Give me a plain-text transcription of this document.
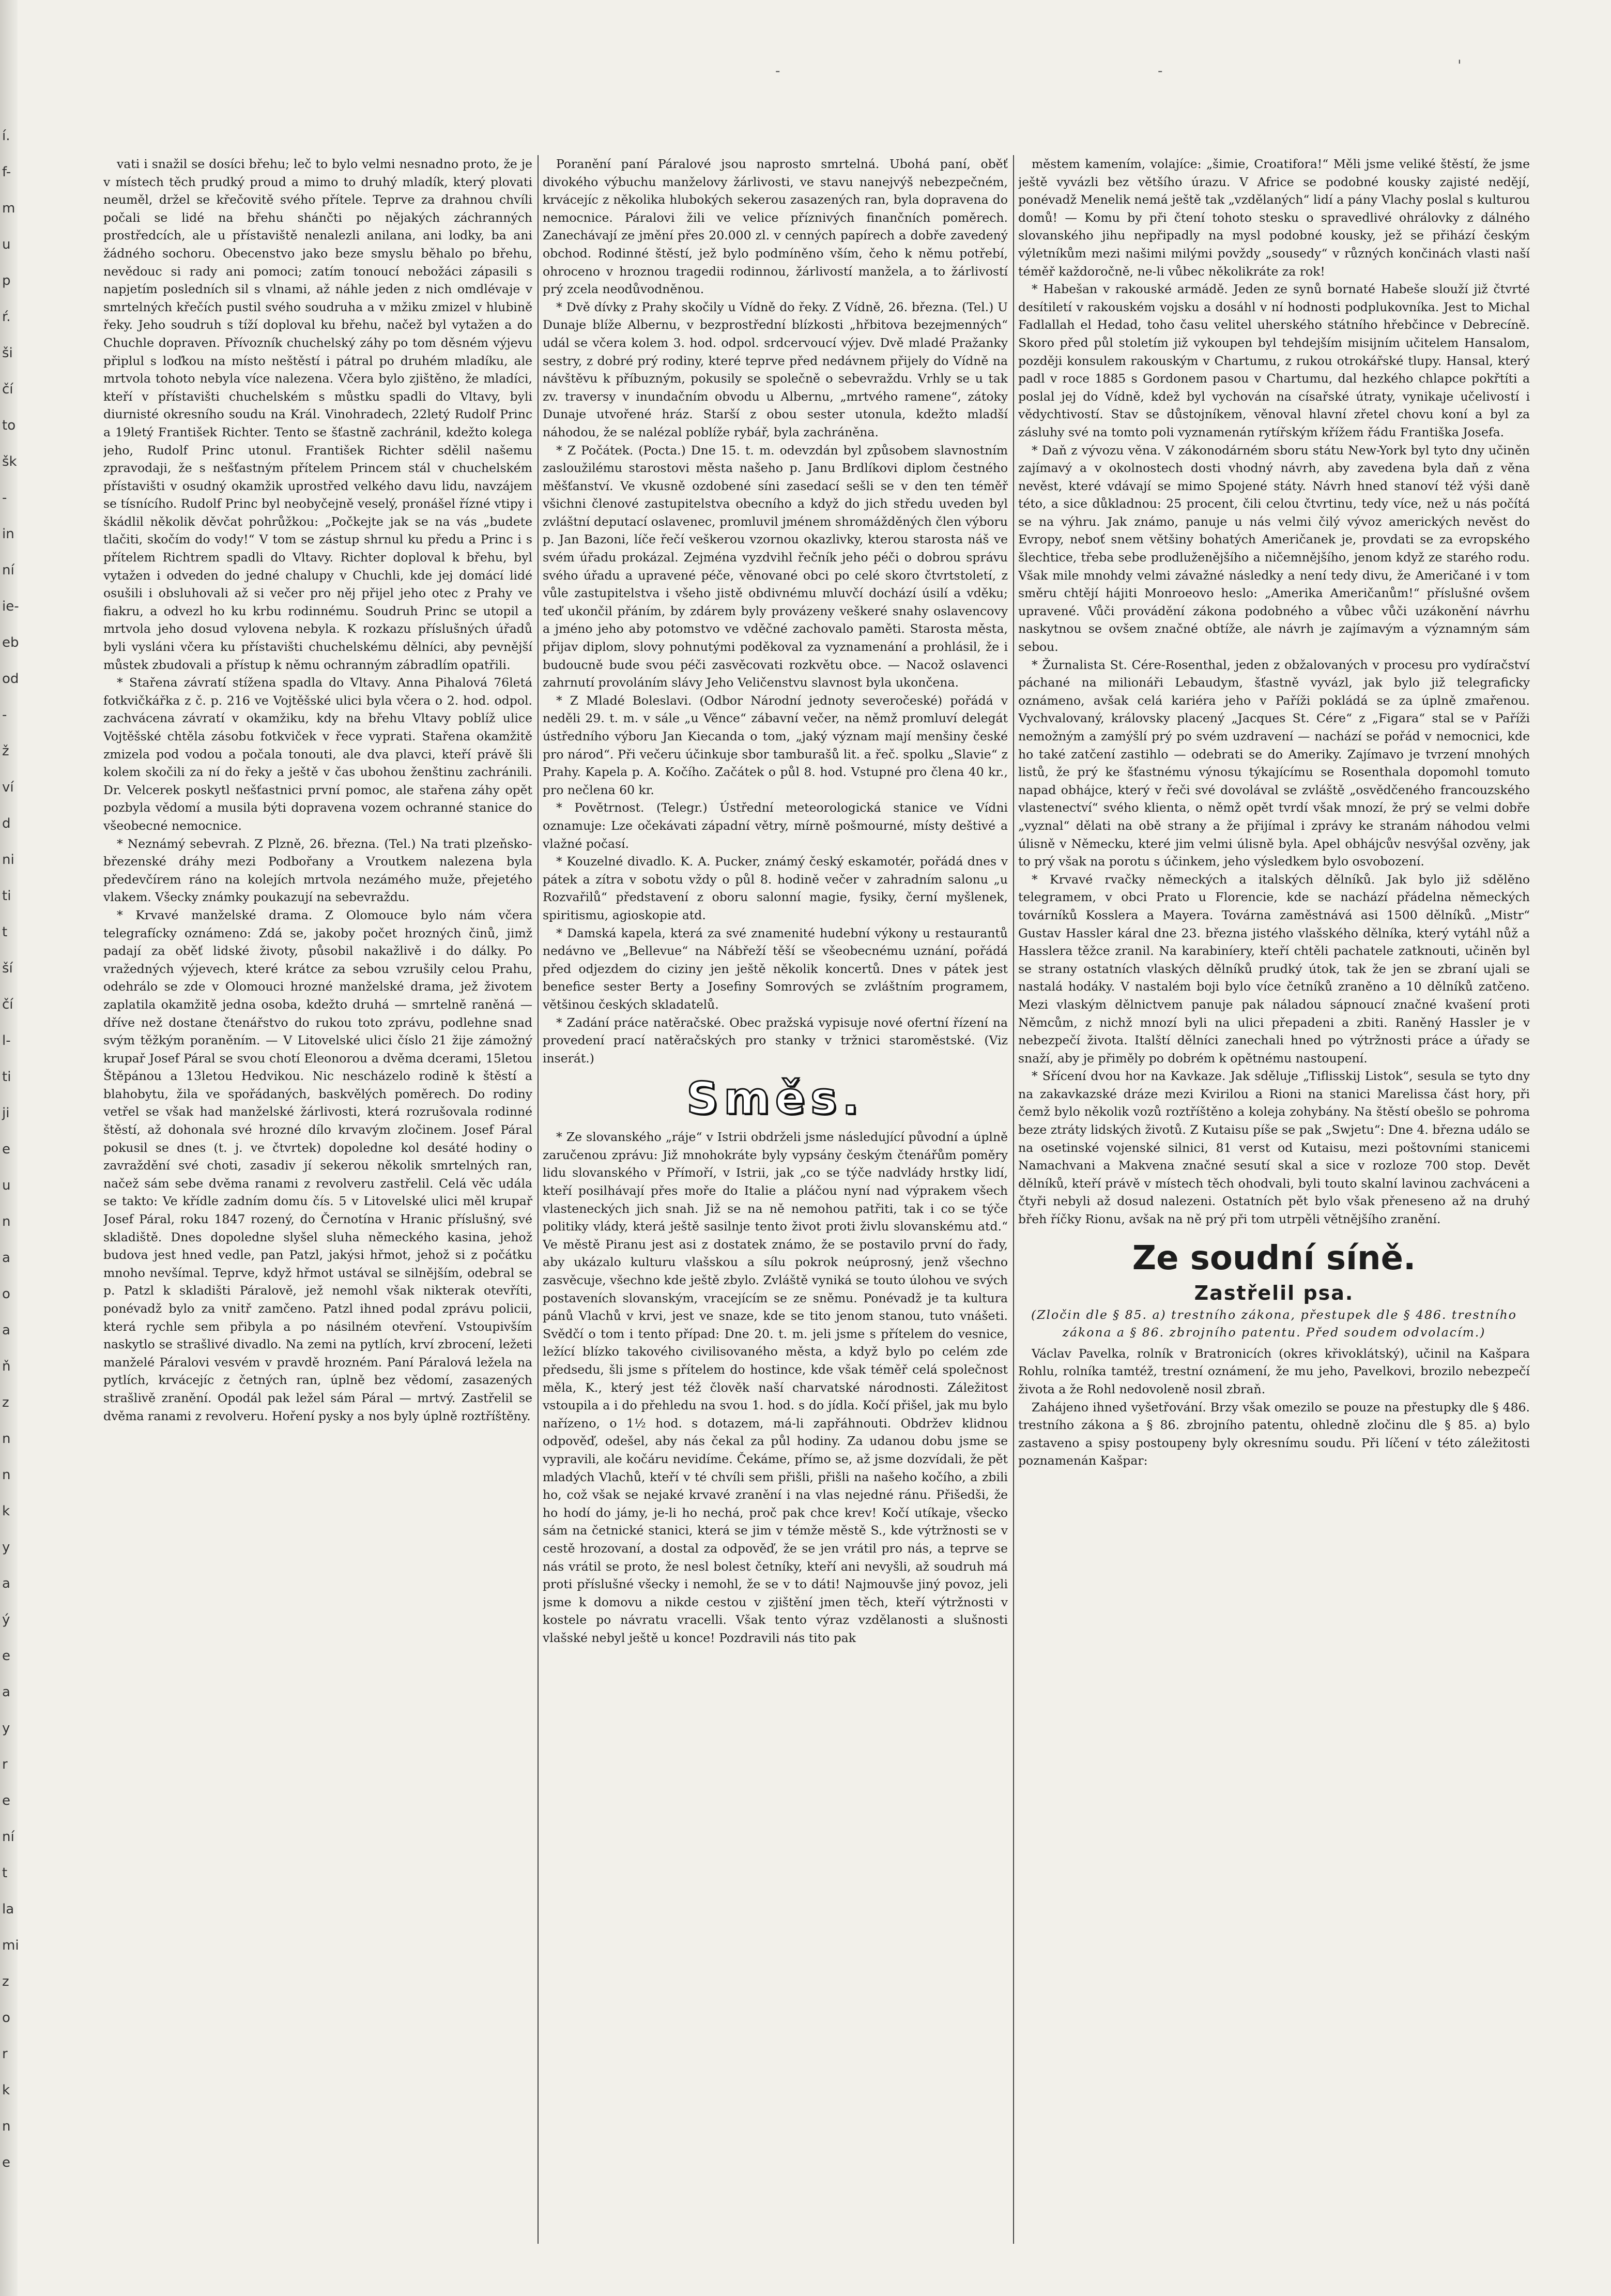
í.
f-
m
u
p
ŕ.
ši
čí
to
šk
-
in
ní
ie-
eb
od
-
ž
ví
d
ni
ti
t
ší
čí
l-
ti
ji
e
u
n
a
o
a
ň
z
n
n
k
y
a
ý
e
a
y
r
e
ní
t
la
mi
z
o
r
k
n
e
-	-	'

vati i snažil se dosíci břehu; leč to bylo velmi nesnadno proto, že je v místech těch prudký proud a mimo to druhý mladík, který plovati neuměl, držel se křečovitě svého přítele. Teprve za drahnou chvíli počali se lidé na břehu shánčti po nějakých záchranných prostředcích, ale u přístaviště nenalezli anilana, ani lodky, ba ani žádného sochoru. Obecenstvo jako beze smyslu běhalo po břehu, nevědouc si rady ani pomoci; zatím tonoucí nebožáci zápasili s napjetím posledních sil s vlnami, až náhle jeden z nich omdlévaje v smrtelných křečích pustil svého soudruha a v mžiku zmizel v hlubině řeky. Jeho soudruh s tíží doploval ku břehu, načež byl vytažen a do Chuchle dopraven. Přívozník chuchelský záhy po tom děsném výjevu připlul s loďkou na místo neštěstí i pátral po druhém mladíku, ale mrtvola tohoto nebyla více nalezena. Včera bylo zjištěno, že mladíci, kteří v přístavišti chuchelském s můstku spadli do Vltavy, byli diurnisté okresního soudu na Král. Vinohradech, 22letý Rudolf Princ a 19letý František Richter. Tento se šťastně zachránil, kdežto kolega jeho, Rudolf Princ utonul. František Richter sdělil našemu zpravodaji, že s nešťastným přítelem Princem stál v chuchelském přístavišti v osudný okamžik uprostřed velkého davu lidu, navzájem se tísnícího. Rudolf Princ byl neobyčejně veselý, pronášel řízné vtipy i škádlil několik děvčat pohrůžkou: „Počkejte jak se na vás „budete tlačiti, skočím do vody!“ V tom se zástup shrnul ku předu a Princ i s přítelem Richtrem spadli do Vltavy. Richter doploval k břehu, byl vytažen i odveden do jedné chalupy v Chuchli, kde jej domácí lidé osušili i obsluhovali až si večer pro něj přijel jeho otec z Prahy ve fiakru, a odvezl ho ku krbu rodinnému. Soudruh Princ se utopil a mrtvola jeho dosud vylovena nebyla. K rozkazu příslušných úřadů byli vysláni včera ku přístavišti chuchelskému dělníci, aby pevnější můstek zbudovali a přístup k němu ochranným zábradlím opatřili.

* Stařena závratí stížena spadla do Vltavy. Anna Pihalová 76letá fotkvičkářka z č. p. 216 ve Vojtěšské ulici byla včera o 2. hod. odpol. zachvácena závratí v okamžiku, kdy na břehu Vltavy poblíž ulice Vojtěšské chtěla zásobu fotkviček v řece vyprati. Stařena okamžitě zmizela pod vodou a počala tonouti, ale dva plavci, kteří právě šli kolem skočili za ní do řeky a ještě v čas ubohou ženštinu zachránili. Dr. Velcerek poskytl nešťastnici první pomoc, ale stařena záhy opět pozbyla vědomí a musila býti dopravena vozem ochranné stanice do všeobecné nemocnice.

* Neznámý sebevrah. Z Plzně, 26. března. (Tel.) Na trati plzeňsko-březenské dráhy mezi Podbořany a Vroutkem nalezena byla předevčírem ráno na kolejích mrtvola nezámého muže, přejetého vlakem. Všecky známky poukazují na sebevraždu.

* Krvavé manželské drama. Z Olomouce bylo nám včera telegrafícky oznámeno: Zdá se, jakoby počet hrozných činů, jimž padají za oběť lidské životy, působil nakažlivě i do dálky. Po vražedných výjevech, které krátce za sebou vzrušily celou Prahu, odehrálo se zde v Olomouci hrozné manželské drama, jež životem zaplatila okamžitě jedna osoba, kdežto druhá — smrtelně raněná — dříve než dostane čtenářstvo do rukou toto zprávu, podlehne snad svým těžkým poraněním. — V Litovelské ulici číslo 21 žije zámožný krupař Josef Páral se svou chotí Eleonorou a dvěma dcerami, 15letou Štěpánou a 13letou Hedvikou. Nic nescházelo rodině k štěstí a blahobytu, žila ve spořádaných, baskvělých poměrech. Do rodiny vetřel se však had manželské žárlivosti, která rozrušovala rodinné štěstí, až dohonala své hrozné dílo krvavým zločinem. Josef Páral pokusil se dnes (t. j. ve čtvrtek) dopoledne kol desáté hodiny o zavraždění své choti, zasadiv jí sekerou několik smrtelných ran, načež sám sebe dvěma ranami z revolveru zastřelil. Celá věc udála se takto: Ve křídle zadním domu čís. 5 v Litovelské ulici měl krupař Josef Páral, roku 1847 rozený, do Černotína v Hranic příslušný, své skladiště. Dnes dopoledne slyšel sluha německého kasina, jehož budova jest hned vedle, pan Patzl, jakýsi hřmot, jehož si z počátku mnoho nevšímal. Teprve, když hřmot ustával se silnějším, odebral se p. Patzl k skladišti Páralově, jež nemohl však nikterak otevříti, ponévadž bylo za vnitř zamčeno. Patzl ihned podal zprávu policii, která rychle sem přibyla a po násilném otevření. Vstoupivším naskytlo se strašlivé divadlo. Na zemi na pytlích, krví zbrocení, ležeti manželé Páralovi vesvém v pravdě hrozném. Paní Páralová ležela na pytlích, krvácejíc z četných ran, úplně bez vědomí, zasazených strašlivě zranění. Opodál pak ležel sám Páral — mrtvý. Zastřelil se dvěma ranami z revolveru. Hoření pysky a nos byly úplně roztříštěny.

Poranění paní Páralové jsou naprosto smrtelná. Ubohá paní, oběť divokého výbuchu manželovy žárlivosti, ve stavu nanejvýš nebezpečném, krvácejíc z několika hlubokých sekerou zasazených ran, byla dopravena do nemocnice. Páralovi žili ve velice příznivých finančních poměrech. Zanechávají ze jmění přes 20.000 zl. v cenných papírech a dobře zavedený obchod. Rodinné štěstí, jež bylo podmíněno vším, čeho k němu potřebí, ohroceno v hroznou tragedii rodinnou, žárlivostí manžela, a to žárlivostí prý zcela neodůvodněnou.

* Dvě dívky z Prahy skočily u Vídně do řeky. Z Vídně, 26. března. (Tel.) U Dunaje blíže Albernu, v bezprostřední blízkosti „hřbitova bezejmenných“ udál se včera kolem 3. hod. odpol. srdcervoucí výjev. Dvě mladé Pražanky sestry, z dobré prý rodiny, které teprve před nedávnem přijely do Vídně na návštěvu k příbuzným, pokusily se společně o sebevraždu. Vrhly se u tak zv. traversy v inundačním obvodu u Albernu, „mrtvého ramene“, zátoky Dunaje utvořené hráz. Starší z obou sester utonula, kdežto mladší náhodou, že se nalézal poblíže rybář, byla zachráněna.

* Z Počátek. (Pocta.) Dne 15. t. m. odevzdán byl způsobem slavnostním zasloužilému starostovi města našeho p. Janu Brdlíkovi diplom čestného měšťanství. Ve vkusně ozdobené síni zasedací sešli se v den ten téměř všichni členové zastupitelstva obecního a když do jich středu uveden byl zvláštní deputací oslavenec, promluvil jménem shromážděných člen výboru p. Jan Bazoni, líče řečí veškerou vzornou okazlivky, kterou starosta náš ve svém úřadu prokázal. Zejména vyzdvihl řečník jeho péči o dobrou správu svého úřadu a upravené péče, věnované obci po celé skoro čtvrtstoletí, z vůle zastupitelstva i všeho jistě obdivnému mluvčí dochází úsilí a vděku; teď ukončil přáním, by zdárem byly provázeny veškeré snahy oslavencovy a jméno jeho aby potomstvo ve vděčné zachovalo paměti. Starosta města, přijav diplom, slovy pohnutými poděkoval za vyznamenání a prohlásil, že i budoucně bude svou péči zasvěcovati rozkvětu obce. — Nacož oslavenci zahrnutí provoláním slávy Jeho Veličenstvu slavnost byla ukončena.

* Z Mladé Boleslavi. (Odbor Národní jednoty severočeské) pořádá v neděli 29. t. m. v sále „u Věnce“ zábavní večer, na němž promluví delegát ústředního výboru Jan Kiecanda o tom, „jaký význam mají menšiny české pro národ“. Při večeru účinkuje sbor tamburašů lit. a řeč. spolku „Slavie“ z Prahy. Kapela p. A. Kočího. Začátek o půl 8. hod. Vstupné pro člena 40 kr., pro nečlena 60 kr.

* Povětrnost. (Telegr.) Ústřední meteorologická stanice ve Vídni oznamuje: Lze očekávati západní větry, mírně pošmourné, místy deštivé a vlažné počasí.

* Kouzelné divadlo. K. A. Pucker, známý český eskamotér, pořádá dnes v pátek a zítra v sobotu vždy o půl 8. hodině večer v zahradním salonu „u Rozvařilů“ představení z oboru salonní magie, fysiky, černí myšlenek, spiritismu, agioskopie atd.

* Damská kapela, která za své znamenité hudební výkony u restaurantů nedávno ve „Bellevue“ na Nábřeží těší se všeobecnému uznání, pořádá před odjezdem do ciziny jen ještě několik koncertů. Dnes v pátek jest benefice sester Berty a Josefiny Somrových se zvláštním programem, většinou českých skladatelů.

* Zadání práce natěračské. Obec pražská vypisuje nové ofertní řízení na provedení prací natěračských pro stanky v tržnici staroměstské. (Viz inserát.)

Směs.

* Ze slovanského „ráje“ v Istrii obdrželi jsme následující původní a úplně zaručenou zprávu: Již mnohokráte byly vypsány českým čtenářům poměry lidu slovanského v Přímoří, v Istrii, jak „co se týče nadvlády hrstky lidí, kteří posilhávají přes moře do Italie a pláčou nyní nad výprakem všech vlasteneckých jich snah. Již se na ně nemohou patřiti, tak i co se týče politiky vlády, která ještě sasilnje tento život proti živlu slovanskému atd.“ Ve městě Piranu jest asi z dostatek známo, že se postavilo první do řady, aby ukázalo kulturu vlašskou a sílu pokrok neúprosný, jenž všechno zasvěcuje, všechno kde ještě zbylo. Zvláště vyniká se touto úlohou ve svých postaveních slovanským, vracejícím se ze sněmu. Ponévadž je ta kultura pánů Vlachů v krvi, jest ve snaze, kde se tito jenom stanou, tuto vnášeti. Svědčí o tom i tento případ: Dne 20. t. m. jeli jsme s přítelem do vesnice, ležící blízko takového civilisovaného města, a když bylo po celém zde předsedu, šli jsme s přítelem do hostince, kde však téměř celá společnost měla, K., který jest též člověk naší charvatské národnosti. Záležitost vstoupila a i do přehledu na svou 1. hod. s do jídla. Kočí přišel, jak mu bylo nařízeno, o 1½ hod. s dotazem, má-li zapřáhnouti. Obdržev klidnou odpověď, odešel, aby nás čekal za půl hodiny. Za udanou dobu jsme se vypravili, ale kočáru nevidíme. Čekáme, přímo se, až jsme dozvídali, že pět mladých Vlachů, kteří v té chvíli sem přišli, přišli na našeho kočího, a zbili ho, což však se nejaké krvavé zranění i na vlas nejedné ránu. Přišedši, že ho hodí do jámy, je-li ho nechá, proč pak chce krev! Kočí utíkaje, všecko sám na četnické stanici, která se jim v témže městě S., kde výtržnosti se v cestě hrozovaní, a dostal za odpověď, že se jen vrátil pro nás, a teprve se nás vrátil se proto, že nesl bolest četníky, kteří ani nevyšli, až soudruh má proti příslušné všecky i nemohl, že se v to dáti! Najmouvše jiný povoz, jeli jsme k domovu a nikde cestou v zjištění jmen těch, kteří výtržnosti v kostele po návratu vracelli. Však tento výraz vzdělanosti a slušnosti vlašské nebyl ještě u konce! Pozdravili nás tito pak

městem kamením, volajíce: „šimie, Croatifora!“ Měli jsme veliké štěstí, že jsme ještě vyvázli bez většího úrazu. V Africe se podobné kousky zajisté nedějí, ponévadž Menelik nemá ještě tak „vzdělaných“ lidí a pány Vlachy poslal s kulturou domů! — Komu by při čtení tohoto stesku o spravedlivé ohrálovky z dálného slovanského jihu nepřipadly na mysl podobné kousky, jež se přihází českým výletníkům mezi našimi milými povždy „sousedy“ v různých končinách vlasti naší téměř každoročně, ne-li vůbec několikráte za rok!

* Habešan v rakouské armádě. Jeden ze synů bornaté Habeše slouží již čtvrté desítiletí v rakouském vojsku a dosáhl v ní hodnosti podplukovníka. Jest to Michal Fadlallah el Hedad, toho času velitel uherského státního hřebčince v Debrecíně. Skoro před půl stoletím již vykoupen byl tehdejším misijním učitelem Hansalom, později konsulem rakouským v Chartumu, z rukou otrokářské tlupy. Hansal, který padl v roce 1885 s Gordonem pasou v Chartumu, dal hezkého chlapce pokřtíti a poslal jej do Vídně, kdež byl vychován na císařské útraty, vynikaje učelivostí i vědychtivostí. Stav se důstojníkem, věnoval hlavní zřetel chovu koní a byl za zásluhy své na tomto poli vyznamenán rytířským křížem řádu Františka Josefa.

* Daň z vývozu věna. V zákonodárném sboru státu New-York byl tyto dny učiněn zajímavý a v okolnostech dosti vhodný návrh, aby zavedena byla daň z věna nevěst, které vdávají se mimo Spojené státy. Návrh hned stanoví též výši daně této, a sice důkladnou: 25 procent, čili celou čtvrtinu, tedy více, než u nás počítá se na výhru. Jak známo, panuje u nás velmi čilý vývoz amerických nevěst do Evropy, neboť snem většiny bohatých Američanek je, provdati se za evropského šlechtice, třeba sebe prodluženějšího a ničemnějšího, jenom když ze starého rodu. Však mile mnohdy velmi závažné následky a není tedy divu, že Američané i v tom směru chtějí hájiti Monroeovo heslo: „Amerika Američanům!“ příslušné ovšem upravené. Vůči provádění zákona podobného a vůbec vůči uzákonění návrhu naskytnou se ovšem značné obtíže, ale návrh je zajímavým a významným sám sebou.

* Žurnalista St. Cére-Rosenthal, jeden z obžalovaných v procesu pro vydíračství páchané na milionáři Lebaudym, šťastně vyvázl, jak bylo již telegraficky oznámeno, avšak celá kariéra jeho v Paříži pokládá se za úplně zmařenou. Vychvalovaný, královsky placený „Jacques St. Cére“ z „Figara“ stal se v Paříži nemožným a zamýšlí prý po svém uzdravení — nachází se pořád v nemocnici, kde ho také zatčení zastihlo — odebrati se do Ameriky. Zajímavo je tvrzení mnohých listů, že prý ke šťastnému výnosu týkajícímu se Rosenthala dopomohl tomuto napad obhájce, který v řeči své dovolával se zvláště „osvědčeného francouzského vlastenectví“ svého klienta, o němž opět tvrdí však mnozí, že prý se velmi dobře „vyznal“ dělati na obě strany a že přijímal i zprávy ke stranám náhodou velmi úlisně v Německu, které jim velmi úlisně byla. Apel obhájcův nesvýšal ozvěny, jak to prý však na porotu s účinkem, jeho výsledkem bylo osvobození.

* Krvavé rvačky německých a italských dělníků. Jak bylo již sdělěno telegramem, v obci Prato u Florencie, kde se nachází přádelna německých továrníků Kosslera a Mayera. Továrna zaměstnává asi 1500 dělníků. „Mistr“ Gustav Hassler káral dne 23. března jistého vlašského dělníka, který vytáhl nůž a Hasslera těžce zranil. Na karabiníery, kteří chtěli pachatele zatknouti, učiněn byl se strany ostatních vlaských dělníků prudký útok, tak že jen se zbraní ujali se nastalá hodáky. V nastalém boji bylo více četníků zraněno a 10 dělníků zatčeno. Mezi vlaským dělnictvem panuje pak náladou sápnoucí značné kvašení proti Němcům, z nichž mnozí byli na ulici přepadeni a zbiti. Raněný Hassler je v nebezpečí života. Italští dělníci zanechali hned po výtržnosti práce a úřady se snaží, aby je přiměly po dobrém k opětnému nastoupení.

* Sřícení dvou hor na Kavkaze. Jak sděluje „Tiflisskij Listok“, sesula se tyto dny na zakavkazské dráze mezi Kvirilou a Rioni na stanici Marelissa část hory, při čemž bylo několik vozů roztříštěno a koleja zohybány. Na štěstí obešlo se pohroma beze ztráty lidských životů. Z Kutaisu píše se pak „Swjetu“: Dne 4. března událo se na osetinské vojenské silnici, 81 verst od Kutaisu, mezi poštovními stanicemi Namachvani a Makvena značné sesutí skal a sice v rozloze 700 stop. Devět dělníků, kteří právě v místech těch ohodvali, byli touto skalní lavinou zachváceni a čtyři nebyli až dosud nalezeni. Ostatních pět bylo však přeneseno až na druhý břeh říčky Rionu, avšak na ně prý při tom utrpěli větnějšího zranění.

Ze soudní síně.
Zastřelil psa.

(Zločin dle § 85. a) trestního zákona, přestupek dle § 486. trestního zákona a § 86. zbrojního patentu. Před soudem odvolacím.)

Václav Pavelka, rolník v Bratronicích (okres křivoklátský), učinil na Kašpara Rohlu, rolníka tamtéž, trestní oznámení, že mu jeho, Pavelkovi, brozilo nebezpečí života a že Rohl nedovoleně nosil zbraň.

Zahájeno ihned vyšetřování. Brzy však omezilo se pouze na přestupky dle § 486. trestního zákona a § 86. zbrojního patentu, ohledně zločinu dle § 85. a) bylo zastaveno a spisy postoupeny byly okresnímu soudu. Při líčení v této záležitosti poznamenán Kašpar:
